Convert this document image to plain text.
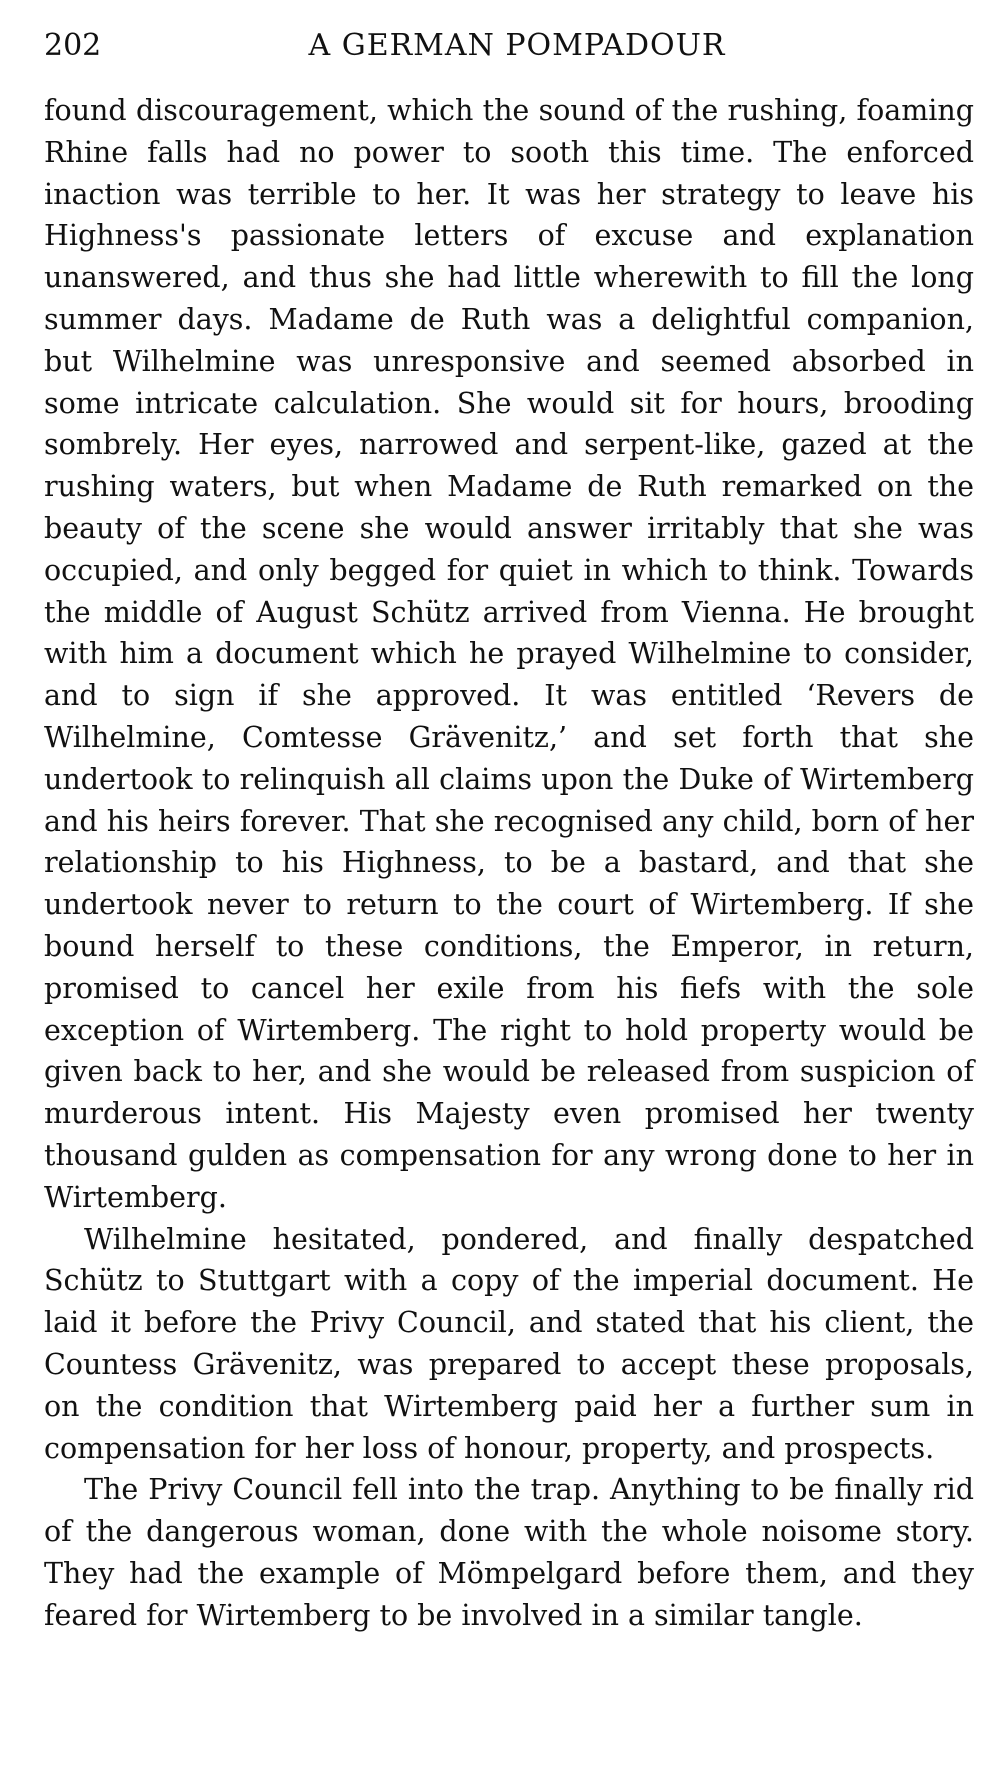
202	A GERMAN POMPADOUR

found discouragement, which the sound of the rushing, foaming Rhine falls had no power to sooth this time. The enforced inaction was terrible to her. It was her strategy to leave his Highness's passionate letters of excuse and explanation unanswered, and thus she had little wherewith to fill the long summer days. Madame de Ruth was a delightful companion, but Wilhelmine was unresponsive and seemed absorbed in some intricate calculation. She would sit for hours, brooding sombrely. Her eyes, narrowed and serpent-like, gazed at the rushing waters, but when Madame de Ruth remarked on the beauty of the scene she would answer irritably that she was occupied, and only begged for quiet in which to think. Towards the middle of August Schütz arrived from Vienna. He brought with him a document which he prayed Wilhelmine to consider, and to sign if she approved. It was entitled ‘Revers de Wilhelmine, Comtesse Grävenitz,’ and set forth that she undertook to relinquish all claims upon the Duke of Wirtemberg and his heirs forever. That she recognised any child, born of her relationship to his Highness, to be a bastard, and that she undertook never to return to the court of Wirtemberg. If she bound herself to these conditions, the Emperor, in return, promised to cancel her exile from his fiefs with the sole exception of Wirtemberg. The right to hold property would be given back to her, and she would be released from suspicion of murderous intent. His Majesty even promised her twenty thousand gulden as compensation for any wrong done to her in Wirtemberg.

Wilhelmine hesitated, pondered, and finally despatched Schütz to Stuttgart with a copy of the imperial document. He laid it before the Privy Council, and stated that his client, the Countess Grävenitz, was prepared to accept these proposals, on the condition that Wirtemberg paid her a further sum in compensation for her loss of honour, property, and prospects.

The Privy Council fell into the trap. Anything to be finally rid of the dangerous woman, done with the whole noisome story. They had the example of Mömpelgard before them, and they feared for Wirtemberg to be involved in a similar tangle.
